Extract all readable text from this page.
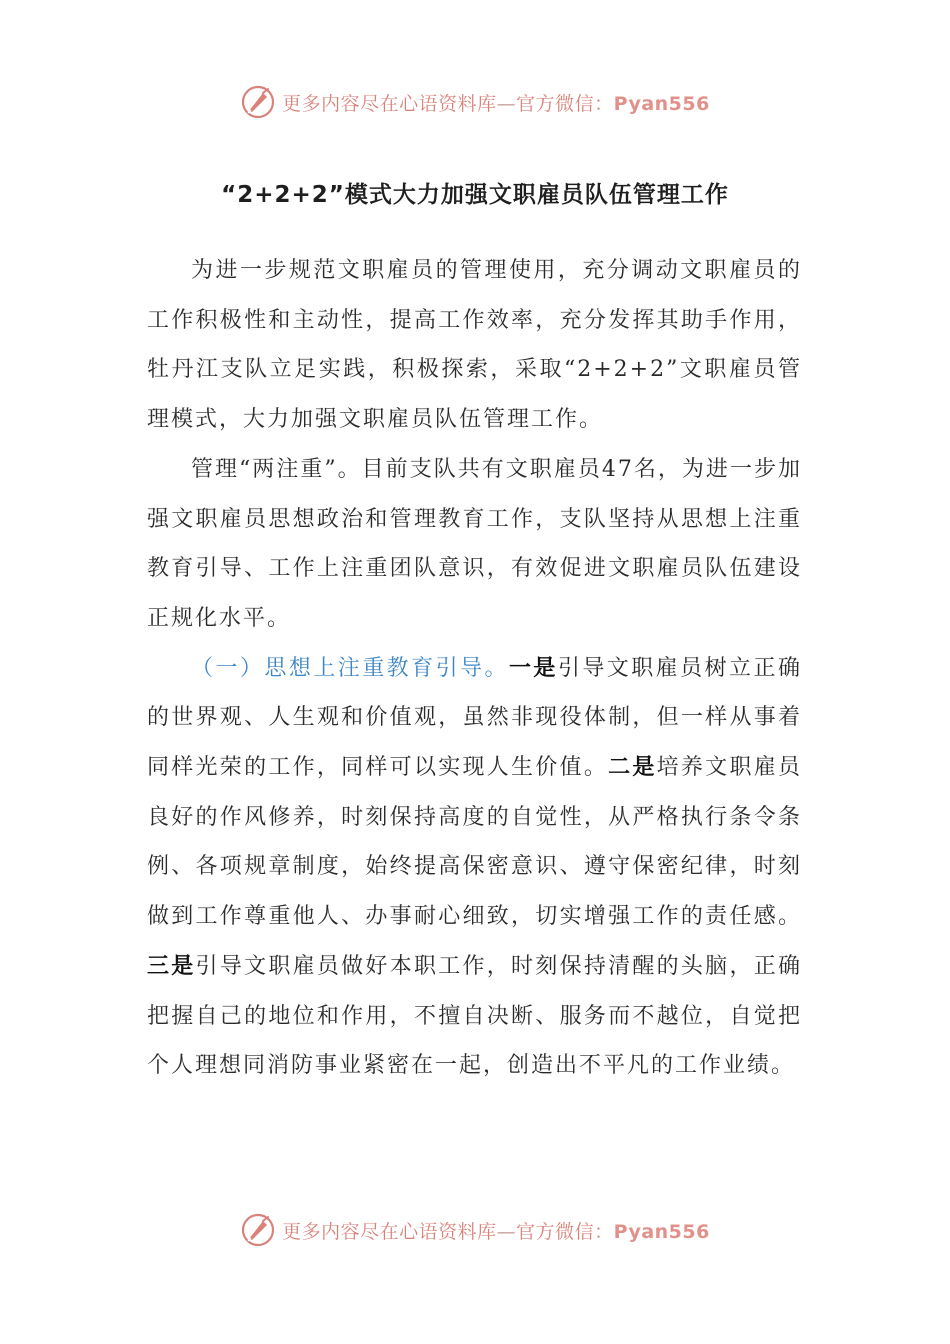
更多内容尽在心语资料库—官方微信：Pyan556
“2+2+2”模式大力加强文职雇员队伍管理工作

为进一步规范文职雇员的管理使用，充分调动文职雇员的工作积极性和主动性，提高工作效率，充分发挥其助手作用，牡丹江支队立足实践，积极探索，采取“2+2+2”文职雇员管理模式，大力加强文职雇员队伍管理工作。

管理“两注重”。目前支队共有文职雇员47名，为进一步加强文职雇员思想政治和管理教育工作，支队坚持从思想上注重教育引导、工作上注重团队意识，有效促进文职雇员队伍建设正规化水平。

（一）思想上注重教育引导。一是引导文职雇员树立正确的世界观、人生观和价值观，虽然非现役体制，但一样从事着同样光荣的工作，同样可以实现人生价值。二是培养文职雇员良好的作风修养，时刻保持高度的自觉性，从严格执行条令条例、各项规章制度，始终提高保密意识、遵守保密纪律，时刻做到工作尊重他人、办事耐心细致，切实增强工作的责任感。三是引导文职雇员做好本职工作，时刻保持清醒的头脑，正确把握自己的地位和作用，不擅自决断、服务而不越位，自觉把个人理想同消防事业紧密在一起，创造出不平凡的工作业绩。

更多内容尽在心语资料库—官方微信：Pyan556
